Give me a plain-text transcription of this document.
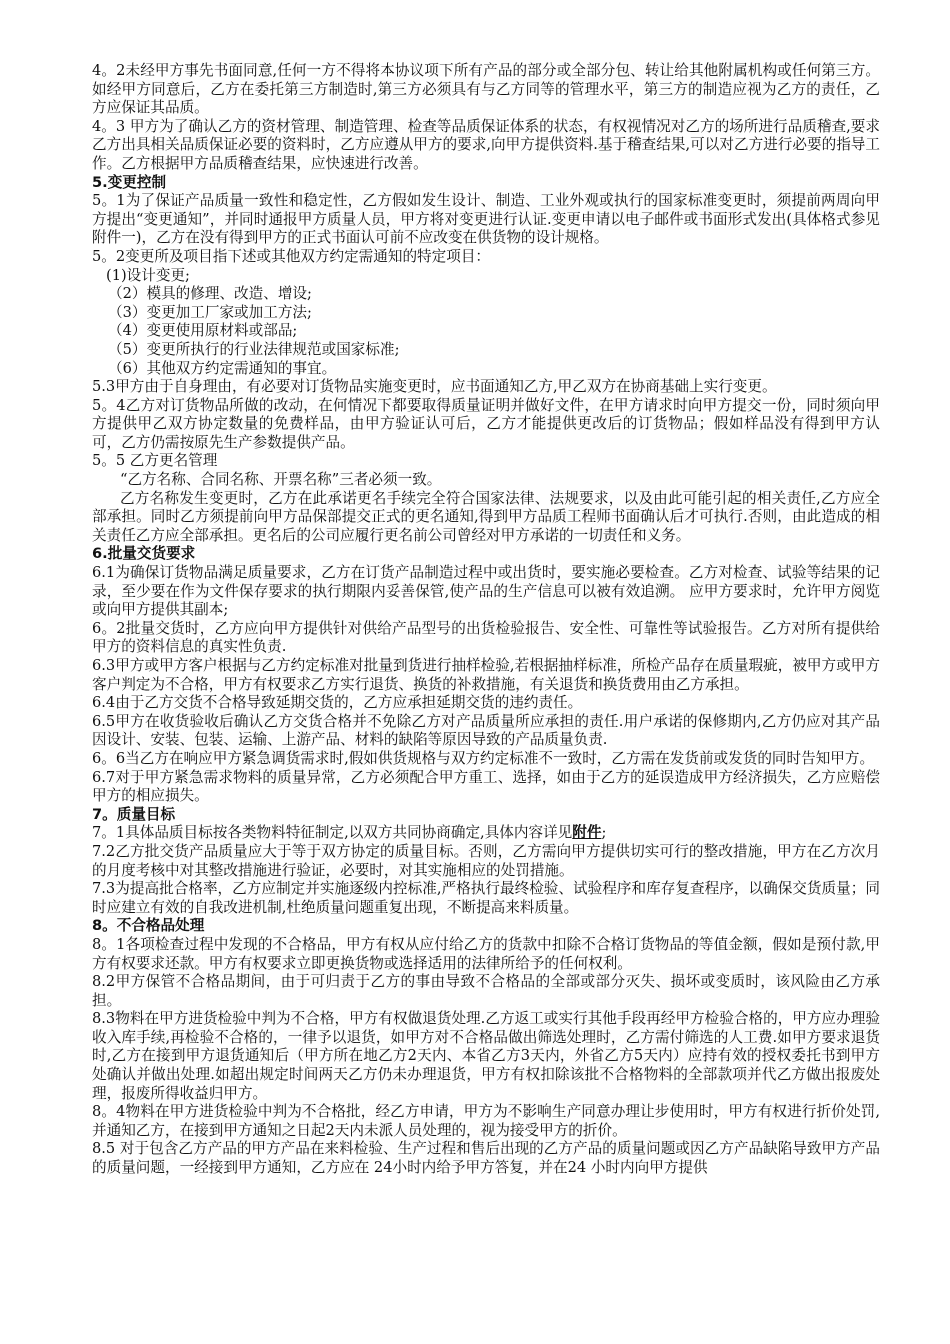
4。2未经甲方事先书面同意,任何一方不得将本协议项下所有产品的部分或全部分包、转让给其他附属机构或任何第三方。如经甲方同意后，乙方在委托第三方制造时,第三方必须具有与乙方同等的管理水平，第三方的制造应视为乙方的责任，乙方应保证其品质。
4。3 甲方为了确认乙方的资材管理、制造管理、检查等品质保证体系的状态，有权视情况对乙方的场所进行品质稽查,要求乙方出具相关品质保证必要的资料时，乙方应遵从甲方的要求,向甲方提供资料.基于稽查结果,可以对乙方进行必要的指导工作。乙方根据甲方品质稽查结果，应快速进行改善。
5.变更控制
5。1为了保证产品质量一致性和稳定性，乙方假如发生设计、制造、工业外观或执行的国家标准变更时，须提前两周向甲方提出“变更通知”，并同时通报甲方质量人员，甲方将对变更进行认证.变更申请以电子邮件或书面形式发出(具体格式参见附件一)，乙方在没有得到甲方的正式书面认可前不应改变在供货物的设计规格。
5。2变更所及项目指下述或其他双方约定需通知的特定项目：
(1)设计变更;
（2）模具的修理、改造、增设;
（3）变更加工厂家或加工方法;
（4）变更使用原材料或部品;
（5）变更所执行的行业法律规范或国家标准;
（6）其他双方约定需通知的事宜。
5.3甲方由于自身理由，有必要对订货物品实施变更时，应书面通知乙方,甲乙双方在协商基础上实行变更。
5。4乙方对订货物品所做的改动，在何情况下都要取得质量证明并做好文件，在甲方请求时向甲方提交一份，同时须向甲方提供甲乙双方协定数量的免费样品，由甲方验证认可后，乙方才能提供更改后的订货物品；假如样品没有得到甲方认可，乙方仍需按原先生产参数提供产品。
5。5 乙方更名管理
“乙方名称、合同名称、开票名称”三者必须一致。
乙方名称发生变更时，乙方在此承诺更名手续完全符合国家法律、法规要求，以及由此可能引起的相关责任,乙方应全部承担。同时乙方须提前向甲方品保部提交正式的更名通知,得到甲方品质工程师书面确认后才可执行.否则，由此造成的相关责任乙方应全部承担。更名后的公司应履行更名前公司曾经对甲方承诺的一切责任和义务。
6.批量交货要求
6.1为确保订货物品满足质量要求，乙方在订货产品制造过程中或出货时，要实施必要检查。乙方对检查、试验等结果的记录，至少要在作为文件保存要求的执行期限内妥善保管,使产品的生产信息可以被有效追溯。 应甲方要求时，允许甲方阅览或向甲方提供其副本;
6。2批量交货时，乙方应向甲方提供针对供给产品型号的出货检验报告、安全性、可靠性等试验报告。乙方对所有提供给甲方的资料信息的真实性负责.
6.3甲方或甲方客户根据与乙方约定标准对批量到货进行抽样检验,若根据抽样标准，所检产品存在质量瑕疵，被甲方或甲方客户判定为不合格，甲方有权要求乙方实行退货、换货的补救措施，有关退货和换货费用由乙方承担。
6.4由于乙方交货不合格导致延期交货的，乙方应承担延期交货的违约责任。
6.5甲方在收货验收后确认乙方交货合格并不免除乙方对产品质量所应承担的责任.用户承诺的保修期内,乙方仍应对其产品因设计、安装、包装、运输、上游产品、材料的缺陷等原因导致的产品质量负责.
6。6当乙方在响应甲方紧急调货需求时,假如供货规格与双方约定标准不一致时，乙方需在发货前或发货的同时告知甲方。
6.7对于甲方紧急需求物料的质量异常，乙方必须配合甲方重工、选择，如由于乙方的延误造成甲方经济损失，乙方应赔偿甲方的相应损失。
7。质量目标
7。1具体品质目标按各类物料特征制定,以双方共同协商确定,具体内容详见附件;
7.2乙方批交货产品质量应大于等于双方协定的质量目标。否则，乙方需向甲方提供切实可行的整改措施，甲方在乙方次月的月度考核中对其整改措施进行验证，必要时，对其实施相应的处罚措施。
7.3为提高批合格率，乙方应制定并实施逐级内控标准,严格执行最终检验、试验程序和库存复查程序，以确保交货质量；同时应建立有效的自我改进机制,杜绝质量问题重复出现，不断提高来料质量。
8。不合格品处理
8。1各项检查过程中发现的不合格品，甲方有权从应付给乙方的货款中扣除不合格订货物品的等值金额，假如是预付款,甲方有权要求还款。甲方有权要求立即更换货物或选择适用的法律所给予的任何权利。
8.2甲方保管不合格品期间，由于可归责于乙方的事由导致不合格品的全部或部分灭失、损坏或变质时，该风险由乙方承担。
8.3物料在甲方进货检验中判为不合格，甲方有权做退货处理.乙方返工或实行其他手段再经甲方检验合格的，甲方应办理验收入库手续,再检验不合格的，一律予以退货，如甲方对不合格品做出筛选处理时，乙方需付筛选的人工费.如甲方要求退货时,乙方在接到甲方退货通知后（甲方所在地乙方2天内、本省乙方3天内，外省乙方5天内）应持有效的授权委托书到甲方处确认并做出处理.如超出规定时间两天乙方仍未办理退货，甲方有权扣除该批不合格物料的全部款项并代乙方做出报废处理，报废所得收益归甲方。
8。4物料在甲方进货检验中判为不合格批，经乙方申请，甲方为不影响生产同意办理让步使用时，甲方有权进行折价处罚,并通知乙方，在接到甲方通知之日起2天内未派人员处理的，视为接受甲方的折价。
8.5 对于包含乙方产品的甲方产品在来料检验、生产过程和售后出现的乙方产品的质量问题或因乙方产品缺陷导致甲方产品的质量问题，一经接到甲方通知，乙方应在 24小时内给予甲方答复，并在24 小时内向甲方提供
